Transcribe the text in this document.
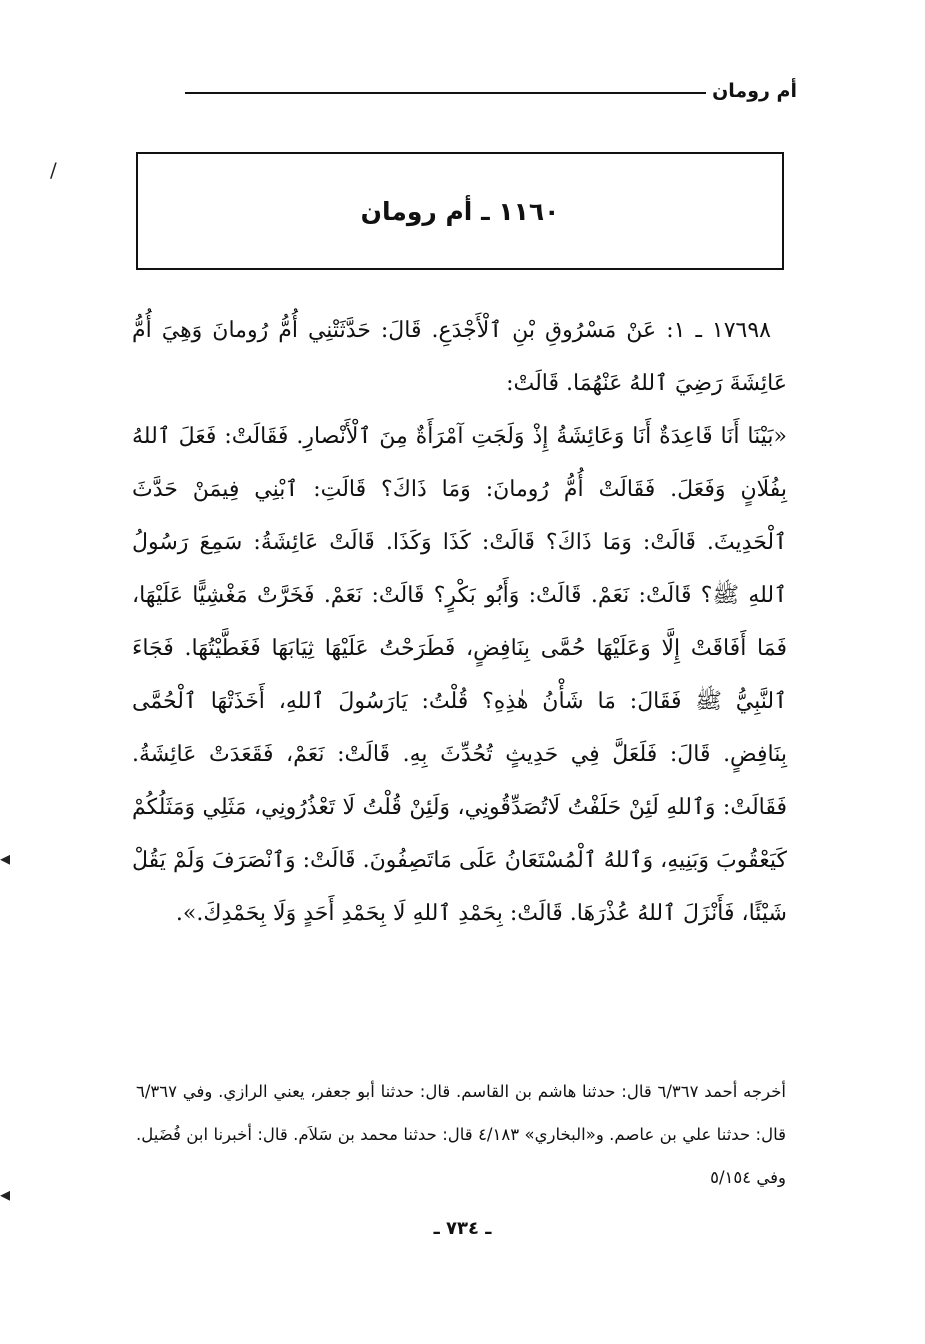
أم رومان
/
◂
◂
١١٦٠ ـ أم رومان

١٧٦٩٨ ـ ١: عَنْ مَسْرُوقِ بْنِ ٱلْأَجْدَعِ. قَالَ: حَدَّثَتْنِي أُمُّ رُومانَ وَهِيَ أُمُّ عَائِشَةَ رَضِيَ ٱللهُ عَنْهُمَا. قَالَتْ:

«بَيْنَا أَنَا قَاعِدَةٌ أَنَا وَعَائِشَةُ إِذْ وَلَجَتِ آمْرَأَةٌ مِنَ ٱلْأَنْصارِ. فَقَالَتْ: فَعَلَ ٱللهُ بِفُلَانٍ وَفَعَلَ. فَقَالَتْ أُمُّ رُومانَ: وَمَا ذَاكَ؟ قَالَتِ: ٱبْنِي فِيمَنْ حَدَّثَ ٱلْحَدِيثَ. قَالَتْ: وَمَا ذَاكَ؟ قَالَتْ: كَذَا وَكَذَا. قَالَتْ عَائِشَةُ: سَمِعَ رَسُولُ ٱللهِ ﷺ؟ قَالَتْ: نَعَمْ. قَالَتْ: وَأَبُو بَكْرٍ؟ قَالَتْ: نَعَمْ. فَخَرَّتْ مَغْشِيًّا عَلَيْهَا، فَمَا أَفَاقَتْ إِلَّا وَعَلَيْهَا حُمَّى بِنَافِضٍ، فَطَرَحْتُ عَلَيْهَا ثِيَابَهَا فَغَطَّيْتُهَا. فَجَاءَ ٱلنَّبِيُّ ﷺ فَقَالَ: مَا شَأْنُ هٰذِهِ؟ قُلْتُ: يَارَسُولَ ٱللهِ، أَخَذَتْهَا ٱلْحُمَّى بِنَافِضٍ. قَالَ: فَلَعَلَّ فِي حَدِيثٍ تُحُدِّثَ بِهِ. قَالَتْ: نَعَمْ، فَقَعَدَتْ عَائِشَةُ. فَقَالَتْ: وَٱللهِ لَئِنْ حَلَفْتُ لَاتُصَدِّقُونِي، وَلَئِنْ قُلْتُ لَا تَعْذُرُونِي، مَثَلِي وَمَثَلُكُمْ كَيَعْقُوبَ وَبَنِيهِ، وَٱللهُ ٱلْمُسْتَعَانُ عَلَى مَاتَصِفُونَ. قَالَتْ: وَٱنْصَرَفَ وَلَمْ يَقُلْ شَيْئًا، فَأَنْزَلَ ٱللهُ عُذْرَهَا. قَالَتْ: بِحَمْدِ ٱللهِ لَا بِحَمْدِ أَحَدٍ وَلَا بِحَمْدِكَ.».

أخرجه أحمد ٦/٣٦٧ قال: حدثنا هاشم بن القاسم. قال: حدثنا أبو جعفر، يعني الرازي. وفي ٦/٣٦٧ قال: حدثنا علي بن عاصم. و«البخاري» ٤/١٨٣ قال: حدثنا محمد بن سَلاَم. قال: أخبرنا ابن فُضَيل. وفي ٥/١٥٤
ـ ٧٣٤ ـ
